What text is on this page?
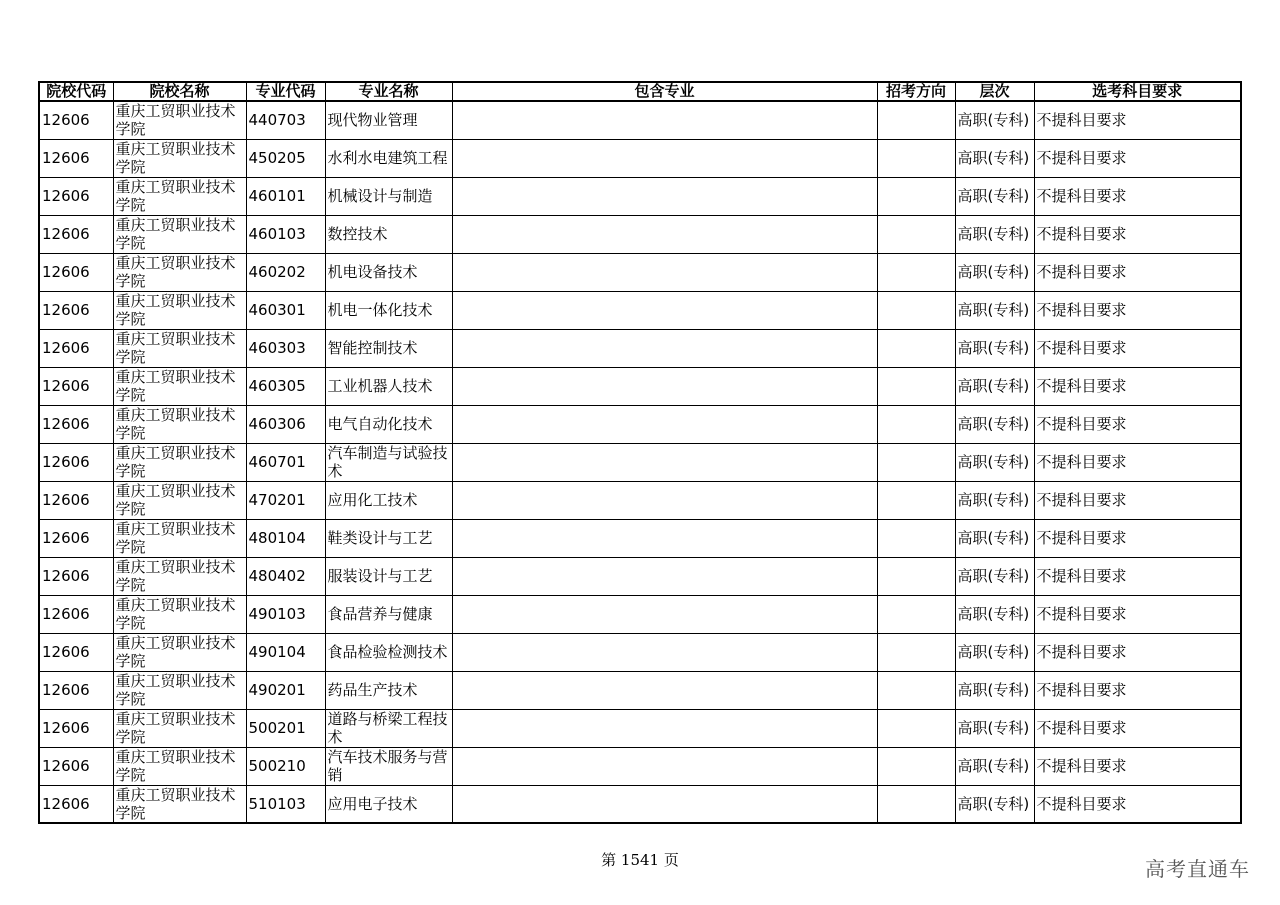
院校代码	院校名称	专业代码	专业名称	包含专业	招考方向	层次	选考科目要求
12606	重庆工贸职业技术学院	440703	现代物业管理			高职(专科)	不提科目要求
12606	重庆工贸职业技术学院	450205	水利水电建筑工程			高职(专科)	不提科目要求
12606	重庆工贸职业技术学院	460101	机械设计与制造			高职(专科)	不提科目要求
12606	重庆工贸职业技术学院	460103	数控技术			高职(专科)	不提科目要求
12606	重庆工贸职业技术学院	460202	机电设备技术			高职(专科)	不提科目要求
12606	重庆工贸职业技术学院	460301	机电一体化技术			高职(专科)	不提科目要求
12606	重庆工贸职业技术学院	460303	智能控制技术			高职(专科)	不提科目要求
12606	重庆工贸职业技术学院	460305	工业机器人技术			高职(专科)	不提科目要求
12606	重庆工贸职业技术学院	460306	电气自动化技术			高职(专科)	不提科目要求
12606	重庆工贸职业技术学院	460701	汽车制造与试验技术			高职(专科)	不提科目要求
12606	重庆工贸职业技术学院	470201	应用化工技术			高职(专科)	不提科目要求
12606	重庆工贸职业技术学院	480104	鞋类设计与工艺			高职(专科)	不提科目要求
12606	重庆工贸职业技术学院	480402	服装设计与工艺			高职(专科)	不提科目要求
12606	重庆工贸职业技术学院	490103	食品营养与健康			高职(专科)	不提科目要求
12606	重庆工贸职业技术学院	490104	食品检验检测技术			高职(专科)	不提科目要求
12606	重庆工贸职业技术学院	490201	药品生产技术			高职(专科)	不提科目要求
12606	重庆工贸职业技术学院	500201	道路与桥梁工程技术			高职(专科)	不提科目要求
12606	重庆工贸职业技术学院	500210	汽车技术服务与营销			高职(专科)	不提科目要求
12606	重庆工贸职业技术学院	510103	应用电子技术			高职(专科)	不提科目要求
第 1541 页	高考直通车
